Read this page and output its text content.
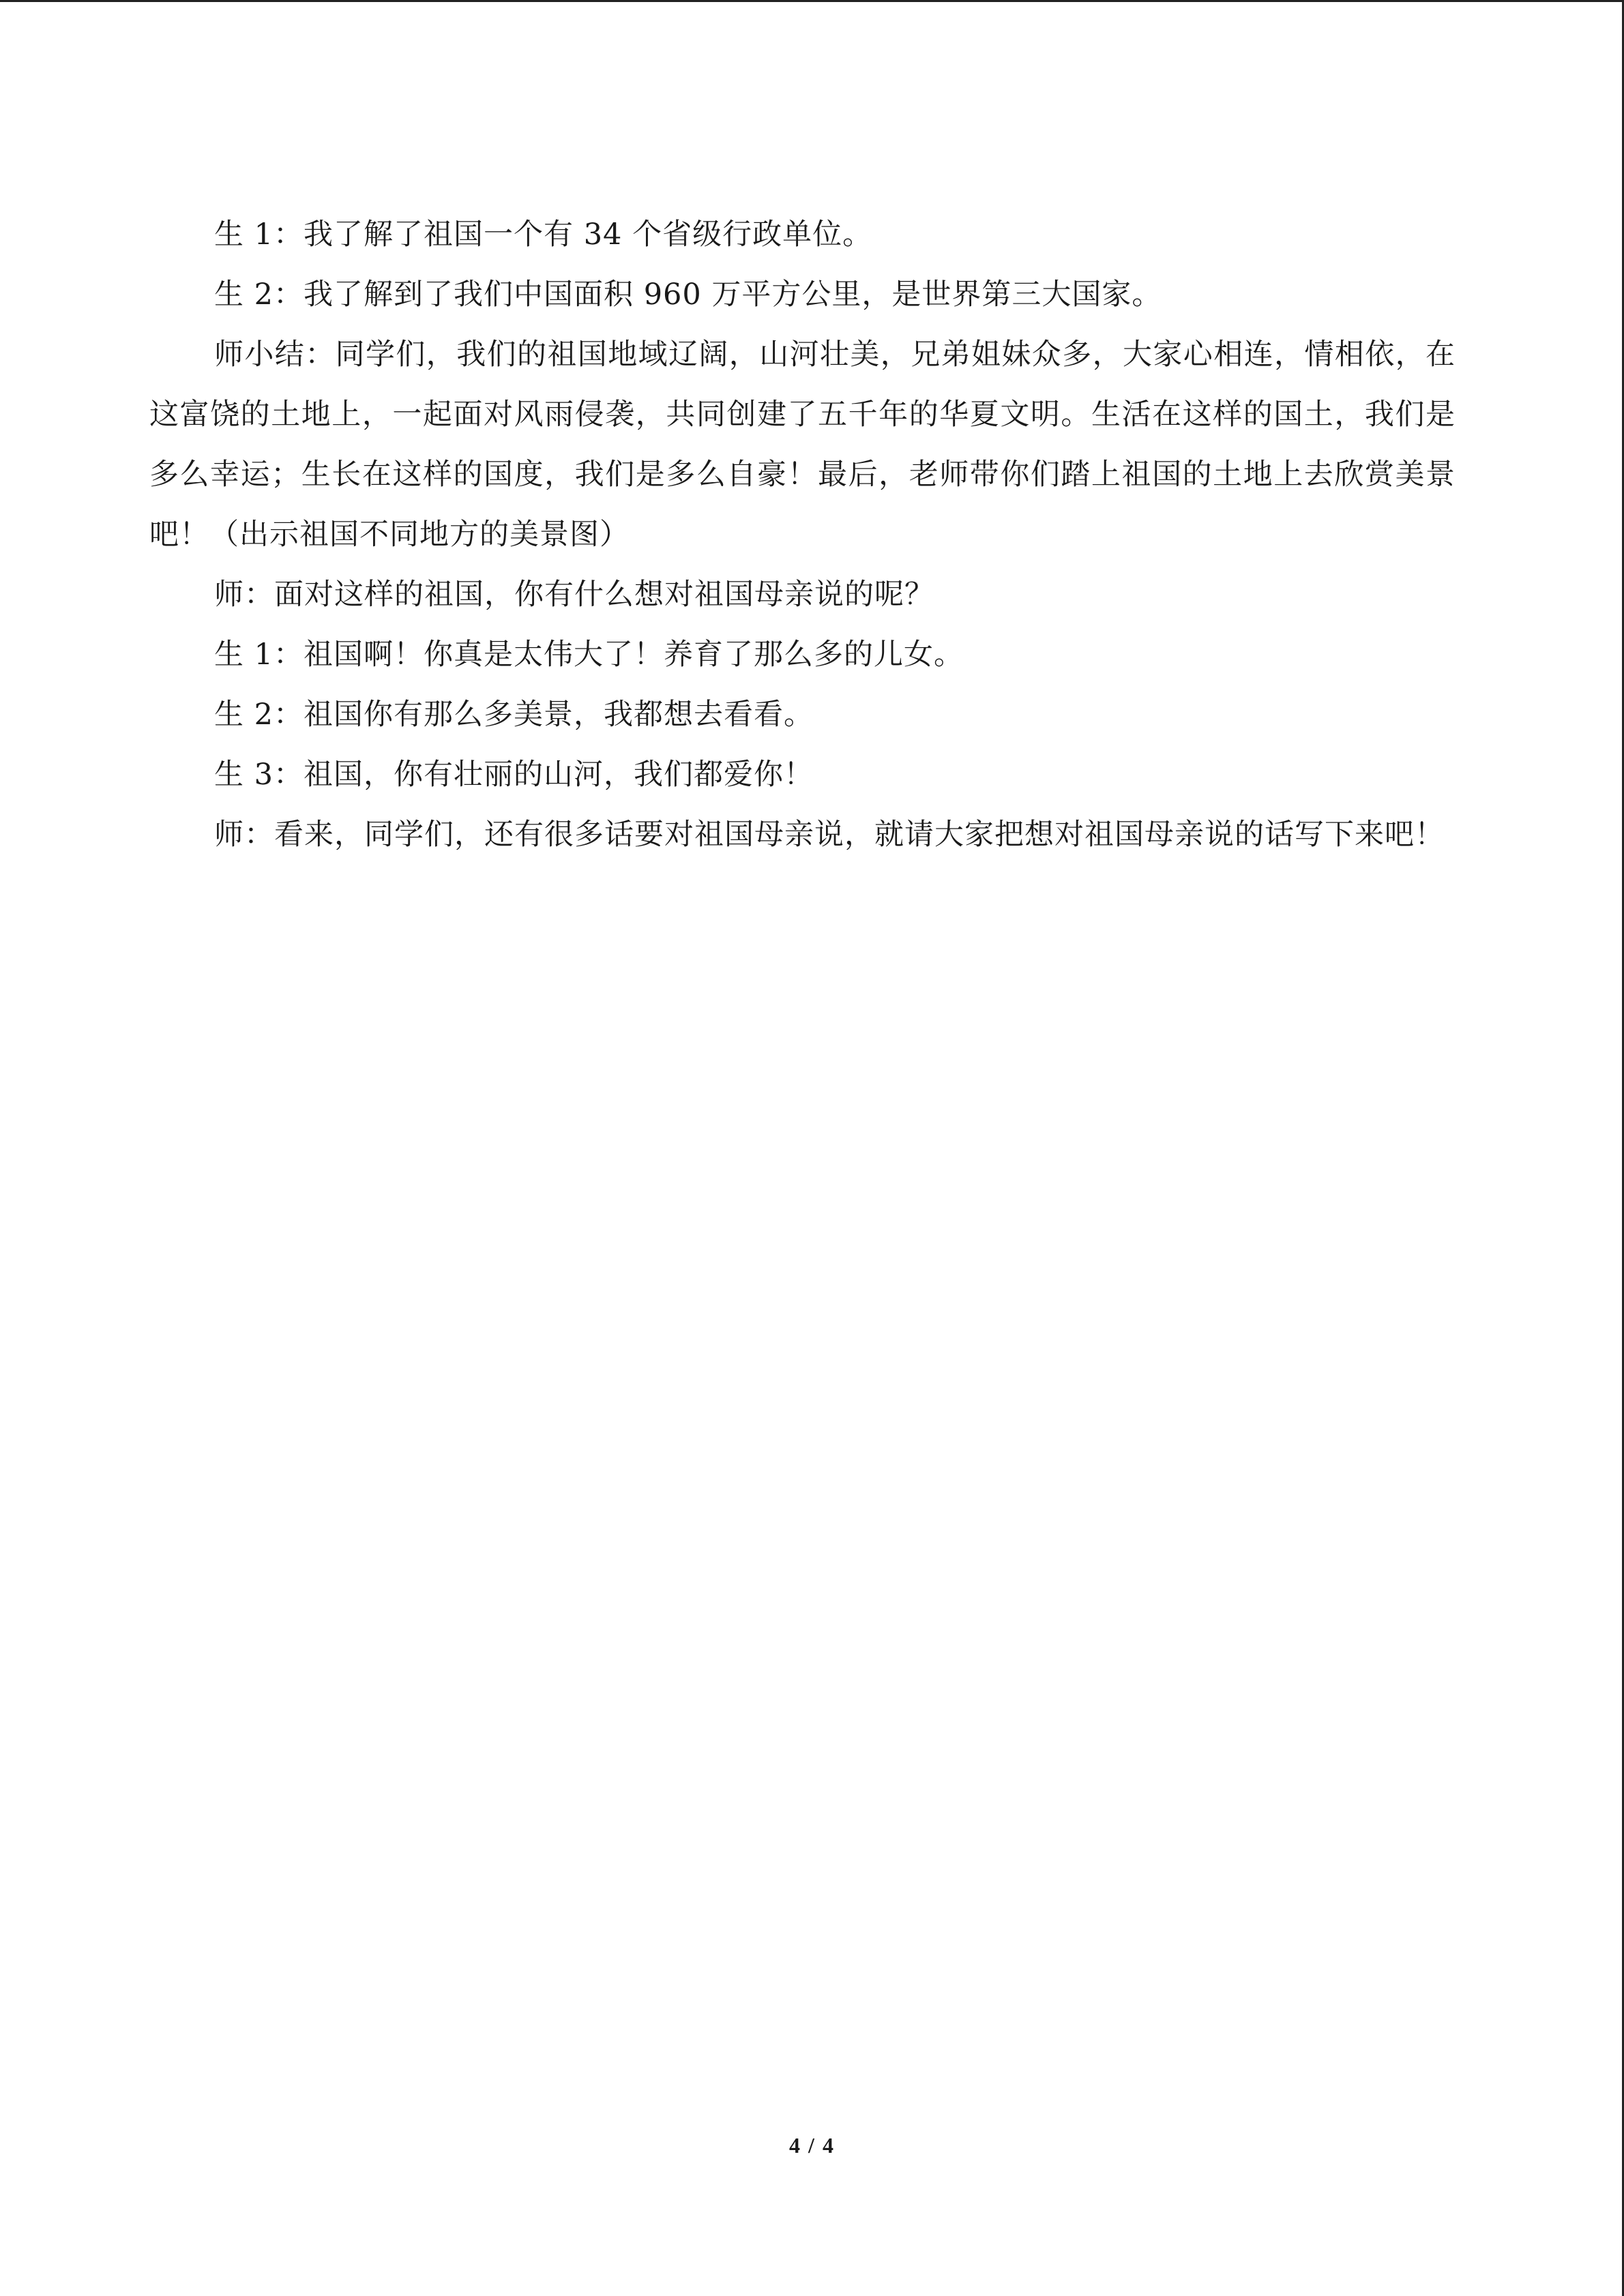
生 1：我了解了祖国一个有 34 个省级行政单位。

生 2：我了解到了我们中国面积 960 万平方公里，是世界第三大国家。

师小结：同学们，我们的祖国地域辽阔，山河壮美，兄弟姐妹众多，大家心相连，情相依，在这富饶的土地上，一起面对风雨侵袭，共同创建了五千年的华夏文明。生活在这样的国土，我们是多么幸运；生长在这样的国度，我们是多么自豪！最后，老师带你们踏上祖国的土地上去欣赏美景吧！（出示祖国不同地方的美景图）

师：面对这样的祖国，你有什么想对祖国母亲说的呢？

生 1：祖国啊！你真是太伟大了！养育了那么多的儿女。

生 2：祖国你有那么多美景，我都想去看看。

生 3：祖国，你有壮丽的山河，我们都爱你！

师：看来，同学们，还有很多话要对祖国母亲说，就请大家把想对祖国母亲说的话写下来吧！

4 / 4
